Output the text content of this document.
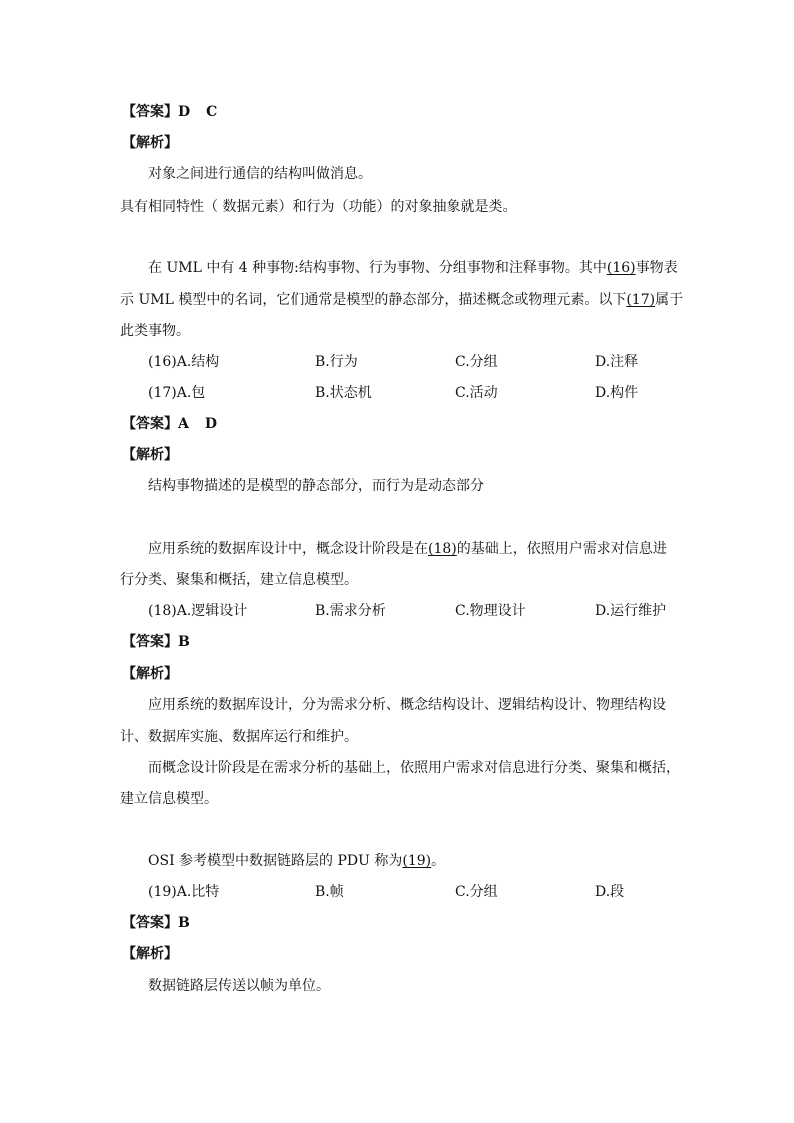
【答案】D C
【解析】
对象之间进行通信的结构叫做消息。
具有相同特性（ 数据元素）和行为（功能）的对象抽象就是类。
在 UML 中有 4 种事物:结构事物、行为事物、分组事物和注释事物。其中(16)事物表
示 UML 模型中的名词，它们通常是模型的静态部分，描述概念或物理元素。以下(17)属于
此类事物。
(16)A.结构	B.行为	C.分组	D.注释
(17)A.包	B.状态机	C.活动	D.构件
【答案】A D
【解析】
结构事物描述的是模型的静态部分，而行为是动态部分
应用系统的数据库设计中，概念设计阶段是在(18)的基础上，依照用户需求对信息进
行分类、聚集和概括，建立信息模型。
(18)A.逻辑设计	B.需求分析	C.物理设计	D.运行维护
【答案】B
【解析】
应用系统的数据库设计，分为需求分析、概念结构设计、逻辑结构设计、物理结构设
计、数据库实施、数据库运行和维护。
而概念设计阶段是在需求分析的基础上，依照用户需求对信息进行分类、聚集和概括，
建立信息模型。
OSI 参考模型中数据链路层的 PDU 称为(19)。
(19)A.比特	B.帧	C.分组	D.段
【答案】B
【解析】
数据链路层传送以帧为单位。
